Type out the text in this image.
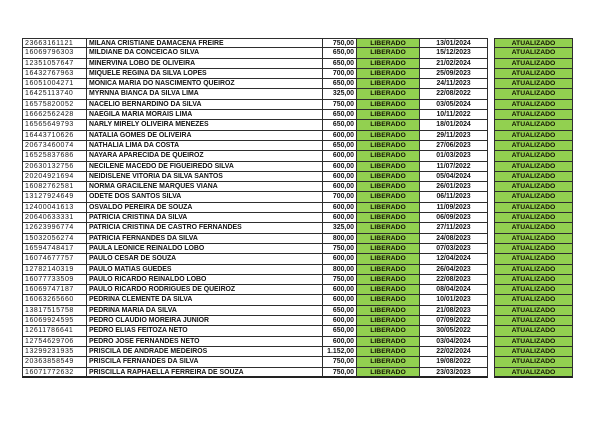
23663161121	MILANA CRISTIANE DAMACENA FREIRE	750,00	LIBERADO	13/01/2024	ATUALIZADO
16069796303	MILDIANE DA CONCEICAO SILVA	650,00	LIBERADO	15/12/2023	ATUALIZADO
12351057647	MINERVINA LOBO DE OLIVEIRA	650,00	LIBERADO	21/02/2024	ATUALIZADO
16432767963	MIQUELE REGINA DA SILVA LOPES	700,00	LIBERADO	25/09/2023	ATUALIZADO
16051004271	MONICA MARIA DO NASCIMENTO QUEIROZ	650,00	LIBERADO	24/11/2023	ATUALIZADO
16425113740	MYRNNA BIANCA DA SILVA LIMA	325,00	LIBERADO	22/08/2022	ATUALIZADO
16575820052	NACELIO BERNARDINO DA SILVA	750,00	LIBERADO	03/05/2024	ATUALIZADO
16662562428	NAEGILA MARIA MORAIS LIMA	650,00	LIBERADO	10/11/2022	ATUALIZADO
16565649793	NARLY MIRELY OLIVEIRA MENEZES	650,00	LIBERADO	18/01/2024	ATUALIZADO
16443710626	NATALIA GOMES DE OLIVEIRA	600,00	LIBERADO	29/11/2023	ATUALIZADO
20673460074	NATHALIA LIMA DA COSTA	650,00	LIBERADO	27/06/2023	ATUALIZADO
16525837686	NAYARA APARECIDA DE QUEIROZ	600,00	LIBERADO	01/03/2023	ATUALIZADO
20630132756	NECILENE MACEDO DE FIGUEIREDO SILVA	600,00	LIBERADO	11/07/2022	ATUALIZADO
20204921694	NEIDISLENE VITORIA DA SILVA SANTOS	600,00	LIBERADO	05/04/2024	ATUALIZADO
16082762581	NORMA GRACILENE MARQUES VIANA	600,00	LIBERADO	26/01/2023	ATUALIZADO
13127924649	ODETE DOS SANTOS SILVA	700,00	LIBERADO	06/11/2023	ATUALIZADO
12400041613	OSVALDO PEREIRA DE SOUZA	600,00	LIBERADO	11/09/2023	ATUALIZADO
20640633331	PATRICIA CRISTINA DA SILVA	600,00	LIBERADO	06/09/2023	ATUALIZADO
12623996774	PATRICIA CRISTINA DE CASTRO FERNANDES	325,00	LIBERADO	27/11/2023	ATUALIZADO
15032056274	PATRICIA FERNANDES DA SILVA	800,00	LIBERADO	24/08/2023	ATUALIZADO
16594748417	PAULA LEONICE REINALDO LOBO	750,00	LIBERADO	07/03/2023	ATUALIZADO
16074677757	PAULO CESAR DE SOUZA	600,00	LIBERADO	12/04/2024	ATUALIZADO
12782140319	PAULO MATIAS GUEDES	800,00	LIBERADO	26/04/2023	ATUALIZADO
16077733509	PAULO RICARDO REINALDO LOBO	750,00	LIBERADO	22/08/2023	ATUALIZADO
16069747187	PAULO RICARDO RODRIGUES DE QUEIROZ	600,00	LIBERADO	08/04/2024	ATUALIZADO
16063265660	PEDRINA CLEMENTE DA SILVA	600,00	LIBERADO	10/01/2023	ATUALIZADO
13817515758	PEDRINA MARIA DA SILVA	650,00	LIBERADO	21/08/2023	ATUALIZADO
16069924595	PEDRO CLAUDIO MOREIRA JUNIOR	600,00	LIBERADO	07/09/2022	ATUALIZADO
12611786641	PEDRO ELIAS FEITOZA NETO	650,00	LIBERADO	30/05/2022	ATUALIZADO
12754629706	PEDRO JOSE FERNANDES NETO	600,00	LIBERADO	03/04/2024	ATUALIZADO
13299231935	PRISCILA DE ANDRADE MEDEIROS	1.152,00	LIBERADO	22/02/2024	ATUALIZADO
20363858549	PRISCILA FERNANDES DA SILVA	750,00	LIBERADO	19/08/2022	ATUALIZADO
16071772632	PRISCILLA RAPHAELLA FERREIRA DE SOUZA	750,00	LIBERADO	23/03/2023	ATUALIZADO
